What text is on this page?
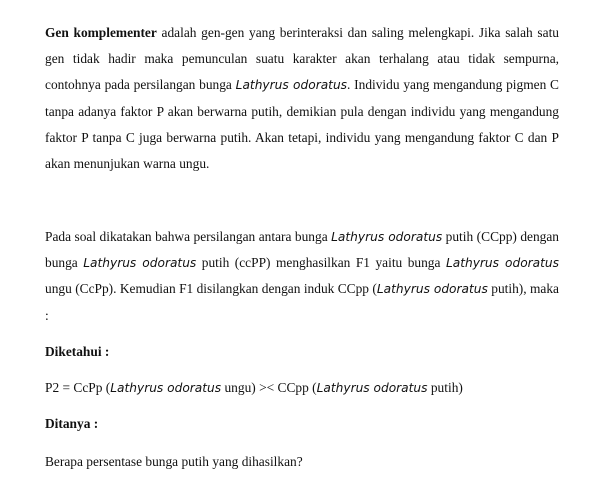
Gen komplementer adalah gen-gen yang berinteraksi dan saling melengkapi. Jika salah satu gen tidak hadir maka pemunculan suatu karakter akan terhalang atau tidak sempurna, contohnya pada persilangan bunga Lathyrus odoratus. Individu yang mengandung pigmen C tanpa adanya faktor P akan berwarna putih, demikian pula dengan individu yang mengandung faktor P tanpa C juga berwarna putih. Akan tetapi, individu yang mengandung faktor C dan P akan menunjukan warna ungu.

Pada soal dikatakan bahwa persilangan antara bunga Lathyrus odoratus putih (CCpp) dengan bunga Lathyrus odoratus putih (ccPP) menghasilkan F1 yaitu bunga Lathyrus odoratus ungu (CcPp). Kemudian F1 disilangkan dengan induk CCpp (Lathyrus odoratus putih), maka :

Diketahui :

P2 = CcPp (Lathyrus odoratus ungu) >< CCpp (Lathyrus odoratus putih)

Ditanya :

Berapa persentase bunga putih yang dihasilkan?
